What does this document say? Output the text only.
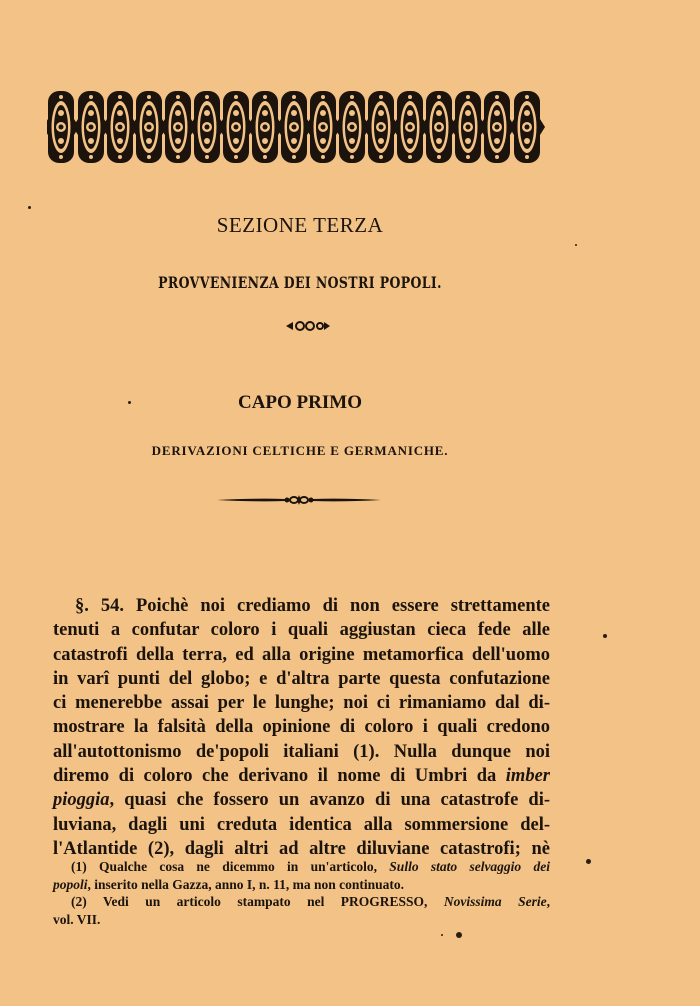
SEZIONE TERZA
PROVVENIENZA DEI NOSTRI POPOLI.
CAPO PRIMO
DERIVAZIONI CELTICHE E GERMANICHE.
§. 54. Poichè noi crediamo di non essere strettamente
tenuti a confutar coloro i quali aggiustan cieca fede alle
catastrofi della terra, ed alla origine metamorfica dell'uomo
in varî punti del globo; e d'altra parte questa confutazione
ci menerebbe assai per le lunghe; noi ci rimaniamo dal di-
mostrare la falsità della opinione di coloro i quali credono
all'autottonismo de'popoli italiani (1). Nulla dunque noi
diremo di coloro che derivano il nome di Umbri da imber
pioggia, quasi che fossero un avanzo di una catastrofe di-
luviana, dagli uni creduta identica alla sommersione del-
l'Atlantide (2), dagli altri ad altre diluviane catastrofi; nè
(1) Qualche cosa ne dicemmo in un'articolo, Sullo stato selvaggio dei
popoli, inserito nella Gazza, anno I, n. 11, ma non continuato.
(2) Vedi un articolo stampato nel PROGRESSO, Novissima Serie,
vol. VII.
